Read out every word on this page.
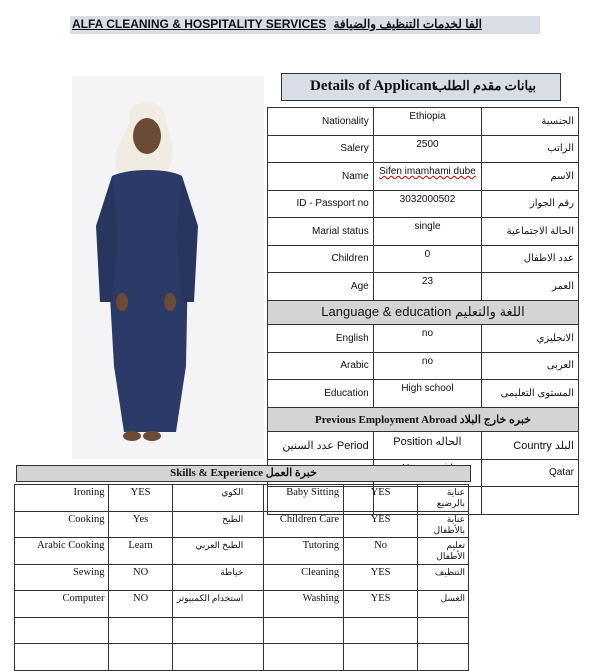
ALFA CLEANING & HOSPITALITY SERVICES الفا لخدمات التنظيف والضيافة
Details of Applicant
بيانات مقدم الطلب
Nationality	Ethiopia	الجنسية
Salery	2500	الراتب
Name	Sifen imamhami dube	الاسم
ID - Passport no	3032000502	رقم الجواز
Marial status	single	الحالة الاجتماعية
Children	0	عدد الاطفال
Age	23	العمر
Language & education اللغة والتعليم		
English	no	الانجليزي
Arabic	no	العربى
Education	High school	المستوى التعليمى
Previous Employment Abroad خبره خارج البلاد		
عدد السنين Period	Position الحاله	Country البلد
		Qatar

Skills & Experience خبرة العمل
Ironing	YES	الكوي	Baby Sitting	YES	عناية بالرضيع
Cooking	Yes	الطبخ	Children Care	YES	عناية بالأطفال
Arabic Cooking	Learn	الطبخ العربي	Tutoring	No	تعليم الأطفال
Sewing	NO	خياطة	Cleaning	YES	التنظيف
Computer	NO	استخدام الكمبيوتر	Washing	YES	الغسل
